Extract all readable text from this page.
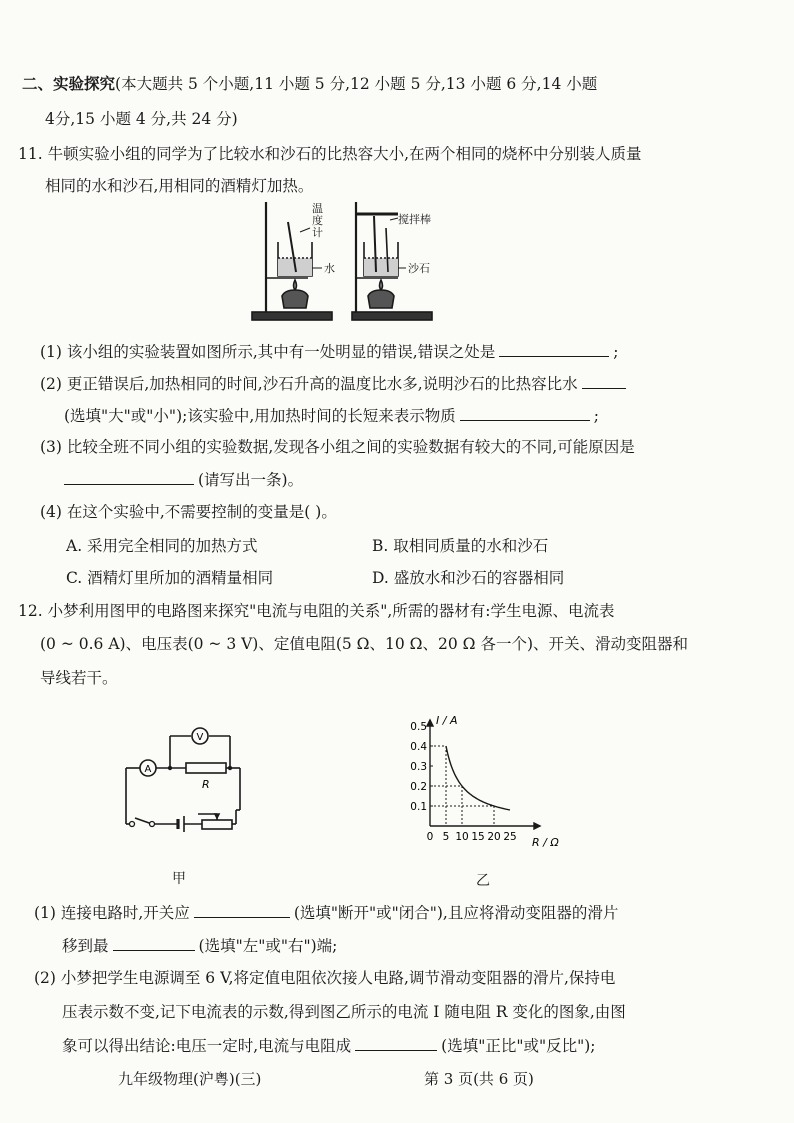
二、实验探究(本大题共 5 个小题,11 小题 5 分,12 小题 5 分,13 小题 6 分,14 小题
4分,15 小题 4 分,共 24 分)
11. 牛顿实验小组的同学为了比较水和沙石的比热容大小,在两个相同的烧杯中分别装人质量
相同的水和沙石,用相同的酒精灯加热。
温
度
计
水
搅拌棒
沙石
(1) 该小组的实验装置如图所示,其中有一处明显的错误,错误之处是	;
(2) 更正错误后,加热相同的时间,沙石升高的温度比水多,说明沙石的比热容比水
(选填"大"或"小");该实验中,用加热时间的长短来表示物质	;
(3) 比较全班不同小组的实验数据,发现各小组之间的实验数据有较大的不同,可能原因是
(请写出一条)。
(4) 在这个实验中,不需要控制的变量是( )。
A. 采用完全相同的加热方式	B. 取相同质量的水和沙石
C. 酒精灯里所加的酒精量相同	D. 盛放水和沙石的容器相同
12. 小梦利用图甲的电路图来探究"电流与电阻的关系",所需的器材有:学生电源、电流表
(0 ~ 0.6 A)、电压表(0 ~ 3 V)、定值电阻(5 Ω、10 Ω、20 Ω 各一个)、开关、滑动变阻器和
导线若干。
A
V
R
甲
0 5 10 15 20 25
0.1
0.2
0.3
0.4
0.5 I / A
R / Ω
乙
(1) 连接电路时,开关应	(选填"断开"或"闭合"),且应将滑动变阻器的滑片
移到最	(选填"左"或"右")端;
(2) 小梦把学生电源调至 6 V,将定值电阻依次接人电路,调节滑动变阻器的滑片,保持电
压表示数不变,记下电流表的示数,得到图乙所示的电流 I 随电阻 R 变化的图象,由图
象可以得出结论:电压一定时,电流与电阻成	(选填"正比"或"反比");
九年级物理(沪粤)(三)	第 3 页(共 6 页)
